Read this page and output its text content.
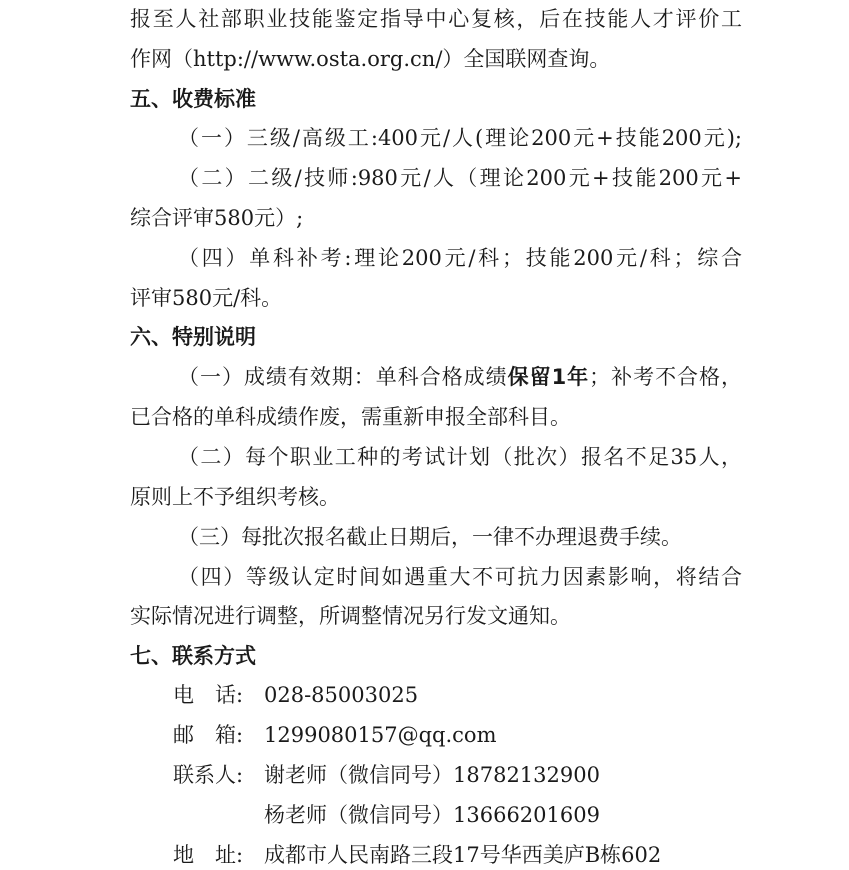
报至人社部职业技能鉴定指导中心复核，后在技能人才评价工
作网（http://www.osta.org.cn/）全国联网查询。
五、收费标准
（一）三级/高级工:400元/人(理论200元+技能200元);
（二）二级/技师:980元/人（理论200元+技能200元+
综合评审580元）;
（四）单科补考:理论200元/科；技能200元/科；综合
评审580元/科。
六、特别说明
（一）成绩有效期：单科合格成绩保留1年；补考不合格，
已合格的单科成绩作废，需重新申报全部科目。
（二）每个职业工种的考试计划（批次）报名不足35人，
原则上不予组织考核。
（三）每批次报名截止日期后，一律不办理退费手续。
（四）等级认定时间如遇重大不可抗力因素影响，将结合
实际情况进行调整，所调整情况另行发文通知。
七、联系方式
电　话: 028-85003025
邮　箱: 1299080157@qq.com
联系人: 谢老师（微信同号）18782132900
杨老师（微信同号）13666201609
地　址: 成都市人民南路三段17号华西美庐B栋602
